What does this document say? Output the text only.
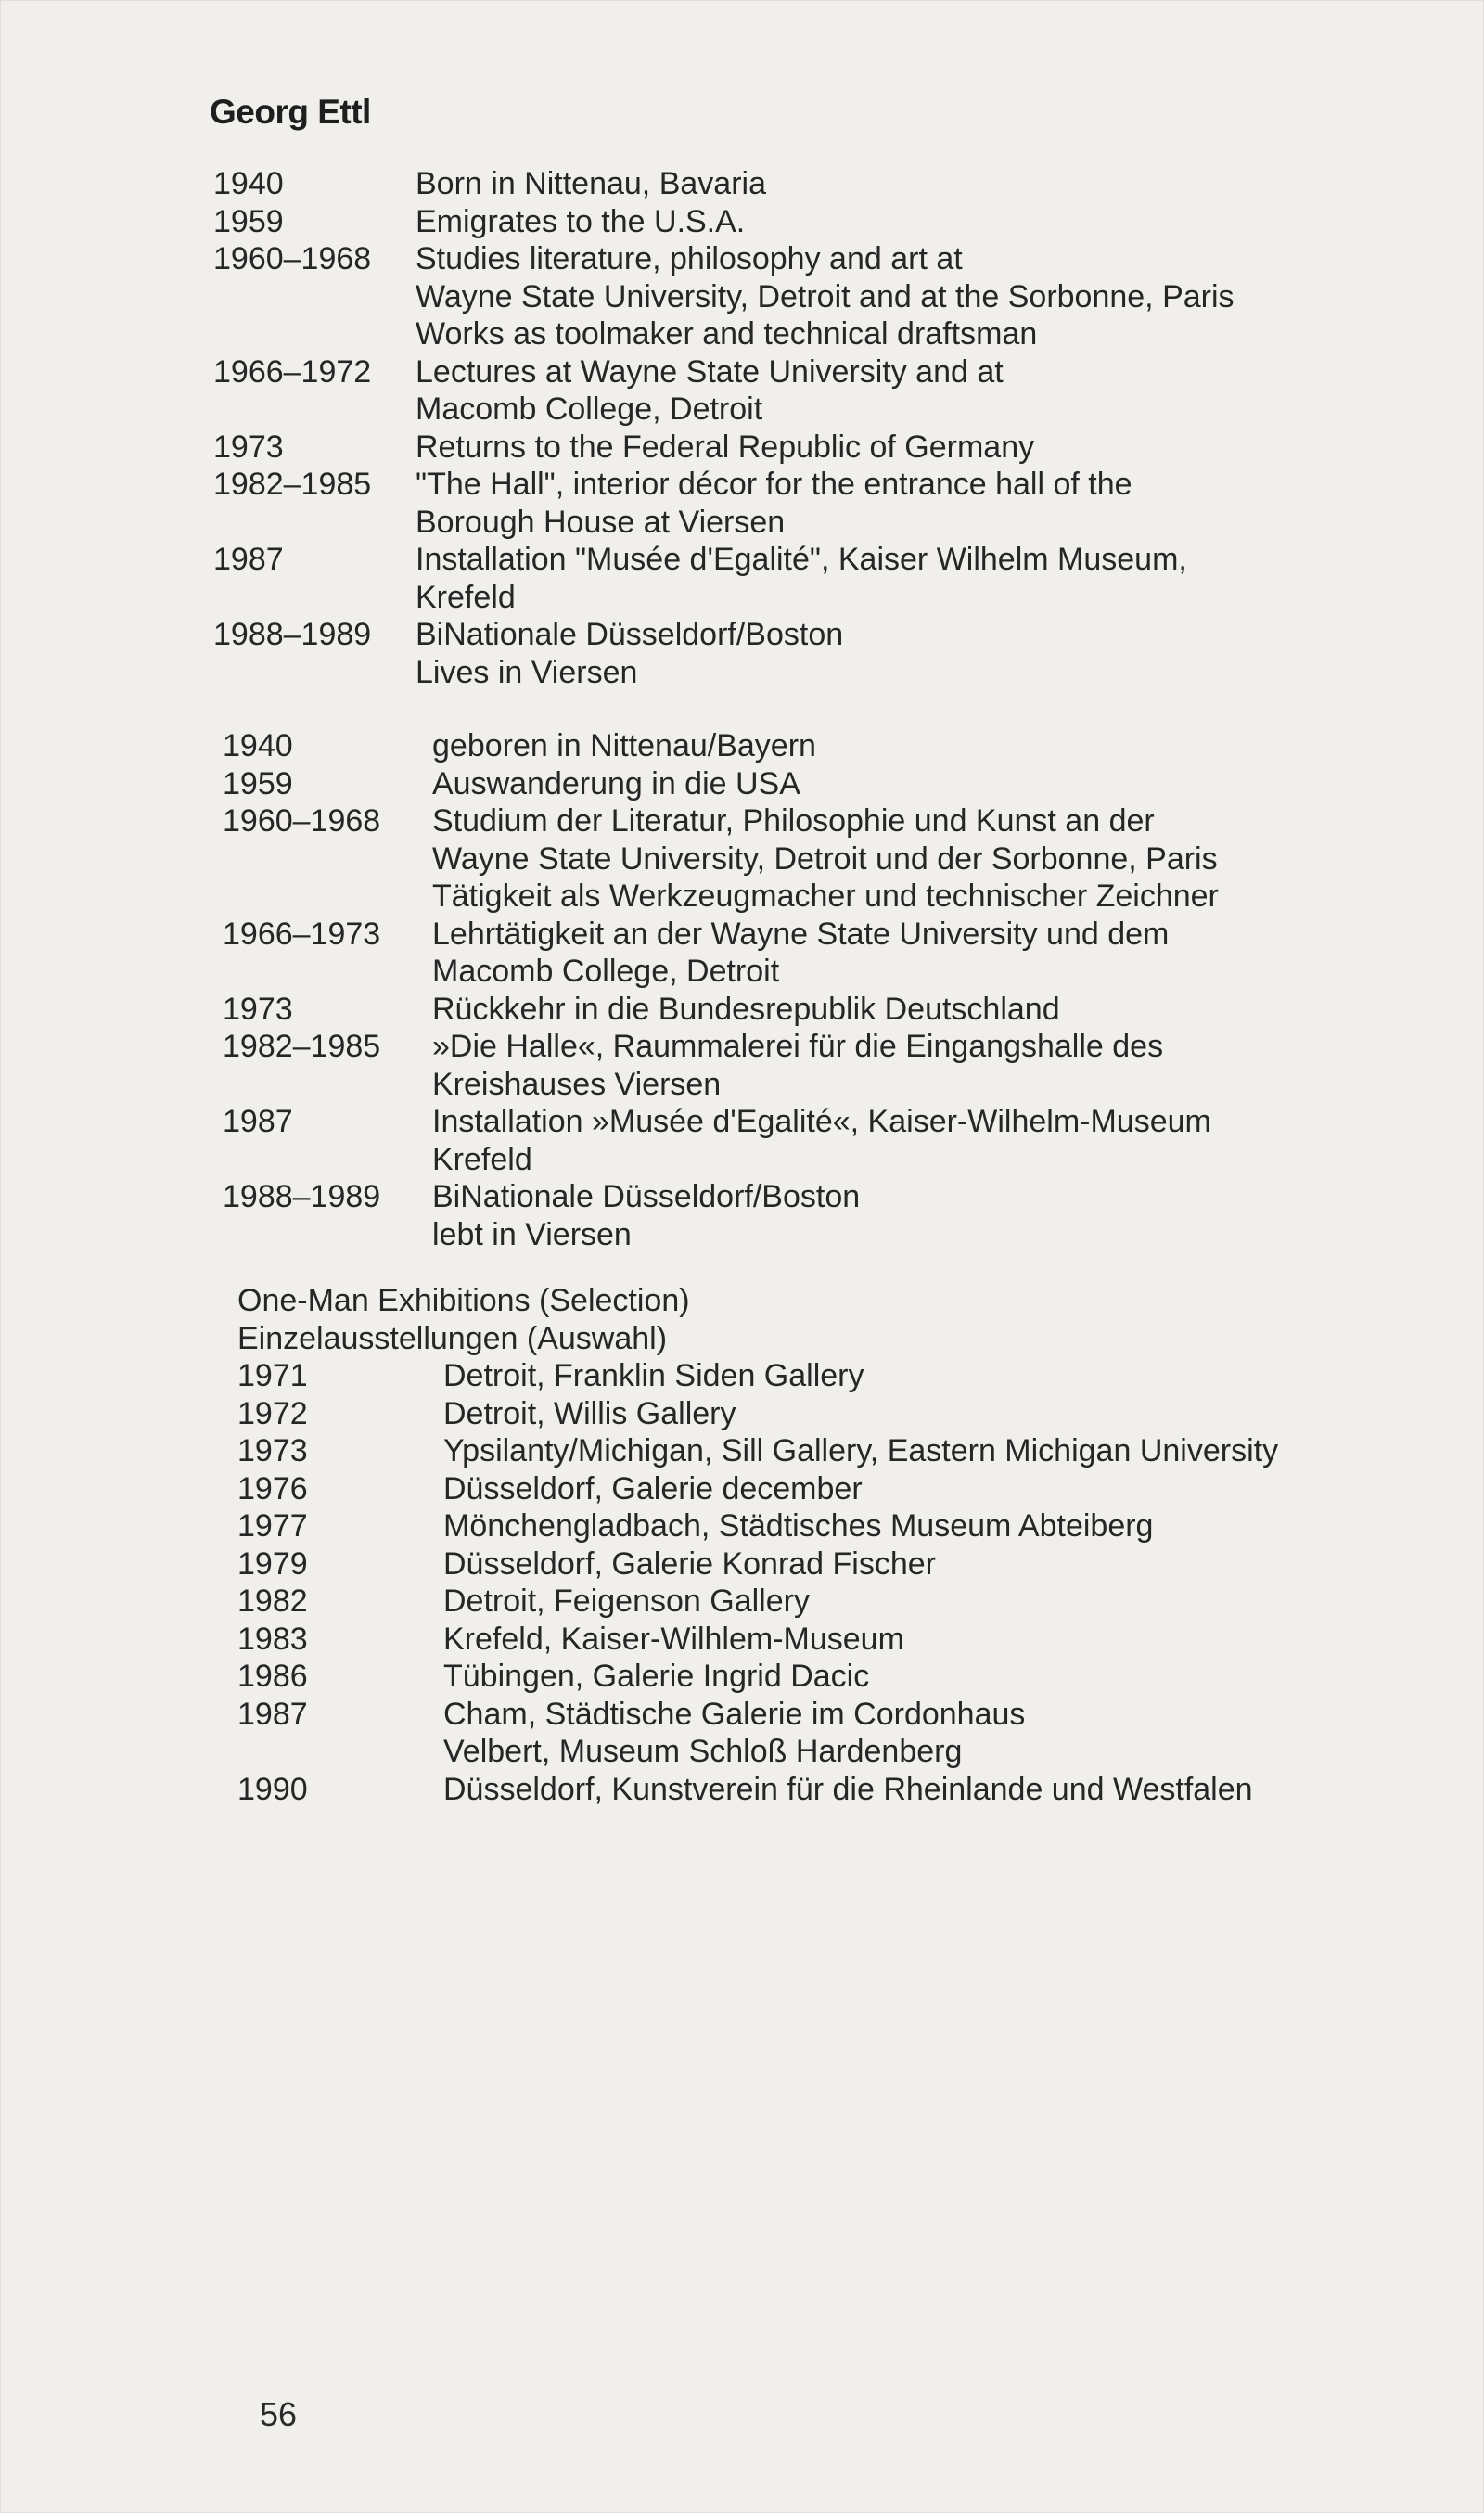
Georg Ettl
1940	Born in Nittenau, Bavaria
1959	Emigrates to the U.S.A.
1960–1968	Studies literature, philosophy and art at
Wayne State University, Detroit and at the Sorbonne, Paris
Works as toolmaker and technical draftsman
1966–1972	Lectures at Wayne State University and at
Macomb College, Detroit
1973	Returns to the Federal Republic of Germany
1982–1985	"The Hall", interior décor for the entrance hall of the
Borough House at Viersen
1987	Installation "Musée d'Egalité", Kaiser Wilhelm Museum,
Krefeld
1988–1989	BiNationale Düsseldorf/Boston
Lives in Viersen
1940	geboren in Nittenau/Bayern
1959	Auswanderung in die USA
1960–1968	Studium der Literatur, Philosophie und Kunst an der
Wayne State University, Detroit und der Sorbonne, Paris
Tätigkeit als Werkzeugmacher und technischer Zeichner
1966–1973	Lehrtätigkeit an der Wayne State University und dem
Macomb College, Detroit
1973	Rückkehr in die Bundesrepublik Deutschland
1982–1985	»Die Halle«, Raummalerei für die Eingangshalle des
Kreishauses Viersen
1987	Installation »Musée d'Egalité«, Kaiser-Wilhelm-Museum
Krefeld
1988–1989	BiNationale Düsseldorf/Boston
lebt in Viersen
One-Man Exhibitions (Selection)
Einzelausstellungen (Auswahl)
1971	Detroit, Franklin Siden Gallery
1972	Detroit, Willis Gallery
1973	Ypsilanty/Michigan, Sill Gallery, Eastern Michigan University
1976	Düsseldorf, Galerie december
1977	Mönchengladbach, Städtisches Museum Abteiberg
1979	Düsseldorf, Galerie Konrad Fischer
1982	Detroit, Feigenson Gallery
1983	Krefeld, Kaiser-Wilhlem-Museum
1986	Tübingen, Galerie Ingrid Dacic
1987	Cham, Städtische Galerie im Cordonhaus
Velbert, Museum Schloß Hardenberg
1990	Düsseldorf, Kunstverein für die Rheinlande und Westfalen
56
